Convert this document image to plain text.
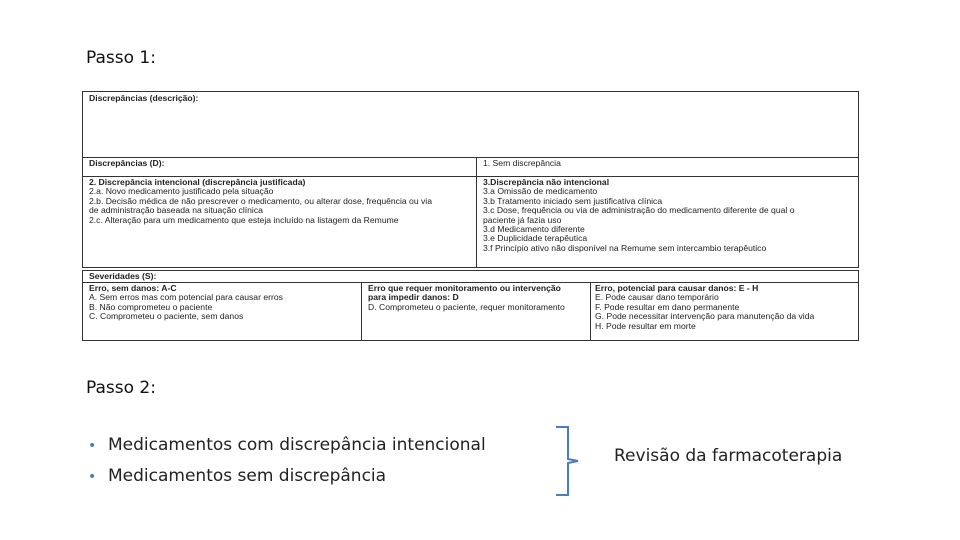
Passo 1:
Discrepâncias (descrição):
Discrepâncias (D):	1. Sem discrepância
2. Discrepância intencional (discrepância justificada)
2.a. Novo medicamento justificado pela situação
2.b. Decisão médica de não prescrever o medicamento, ou alterar dose, frequência ou via
de administração baseada na situação clínica
2.c. Alteração para um medicamento que esteja incluído na listagem da Remume
3.Discrepância não intencional
3.a Omissão de medicamento
3.b Tratamento iniciado sem justificativa clínica
3.c Dose, frequência ou via de administração do medicamento diferente de qual o
paciente já fazia uso
3.d Medicamento diferente
3.e Duplicidade terapêutica
3.f Princípio ativo não disponível na Remume sem intercambio terapêutico
Severidades (S):
Erro, sem danos: A-C
A. Sem erros mas com potencial para causar erros
B. Não comprometeu o paciente
C. Comprometeu o paciente, sem danos
Erro que requer monitoramento ou intervenção
para impedir danos: D
D. Comprometeu o paciente, requer monitoramento
Erro, potencial para causar danos: E - H
E. Pode causar dano temporário
F. Pode resultar em dano permanente
G. Pode necessitar intervenção para manutenção da vida
H. Pode resultar em morte
Passo 2:
• Medicamentos com discrepância intencional
• Medicamentos sem discrepância
Revisão da farmacoterapia
